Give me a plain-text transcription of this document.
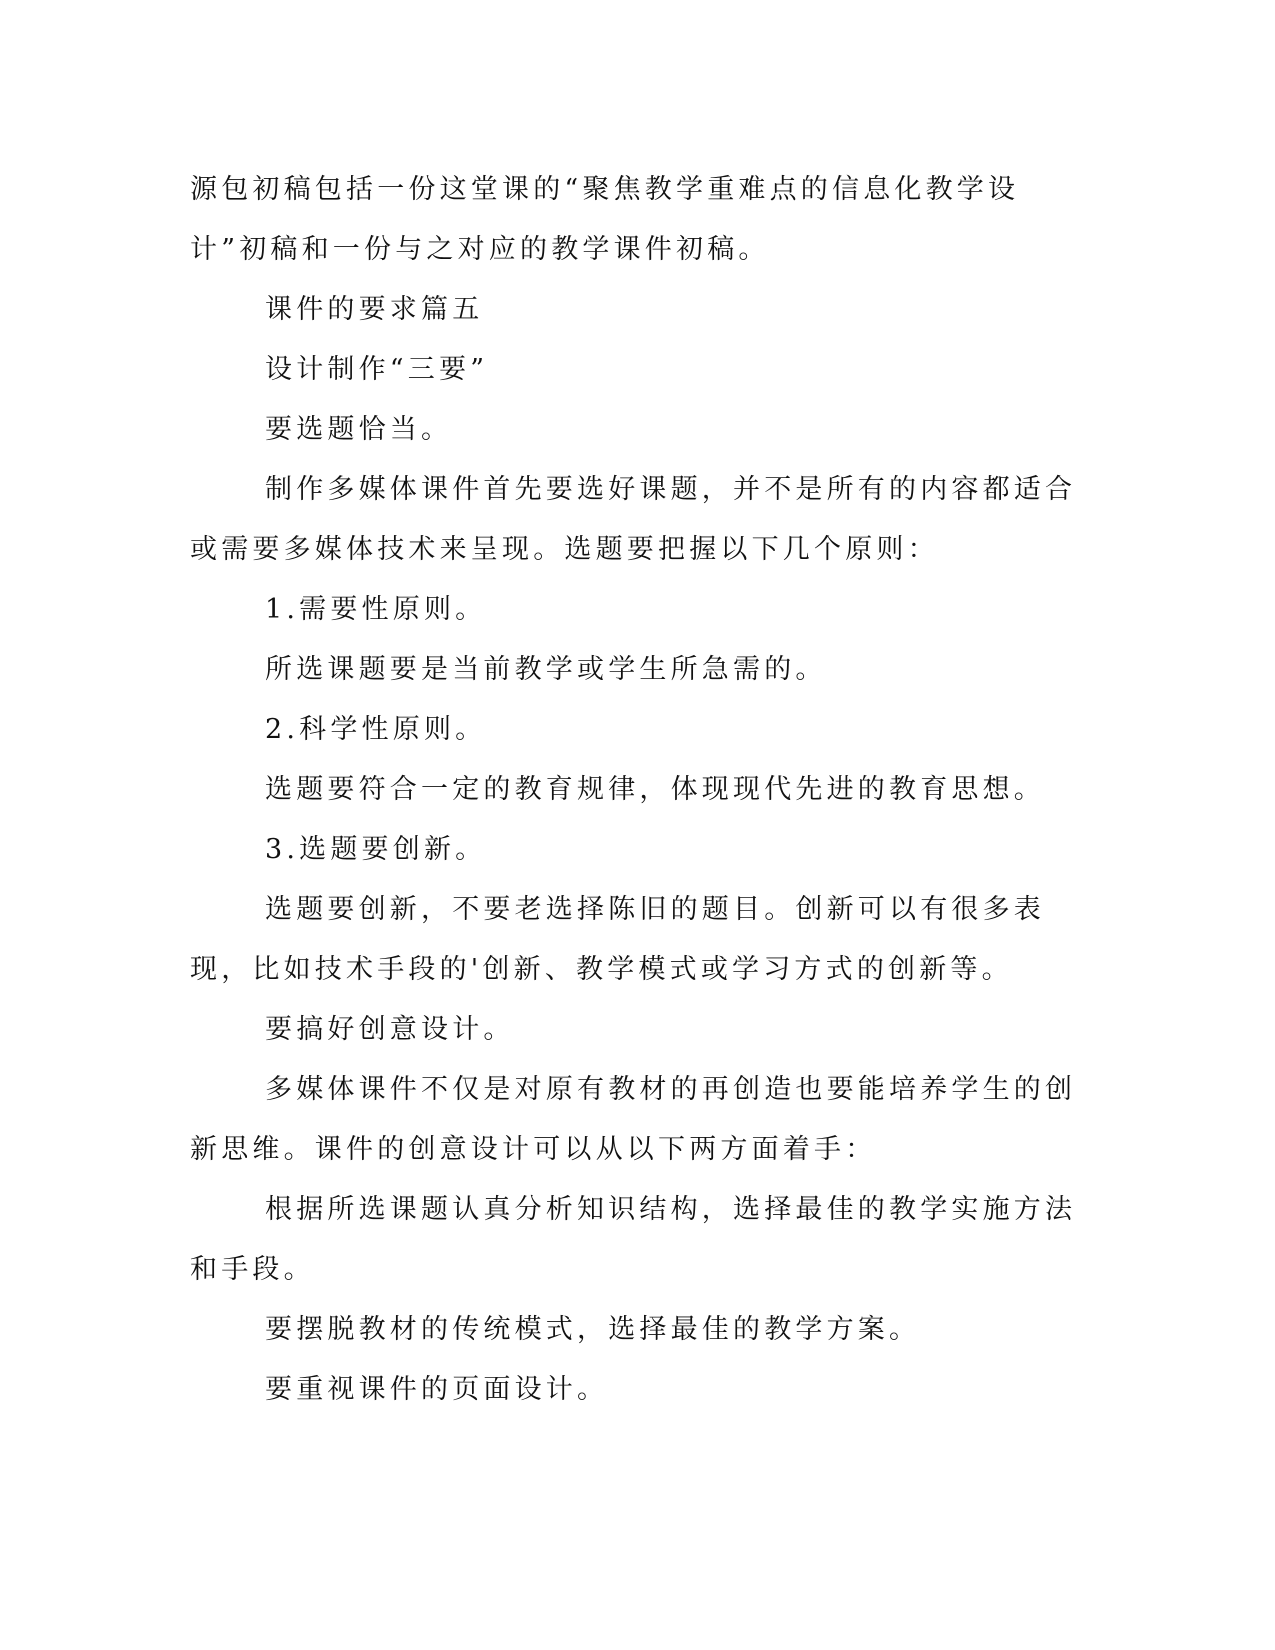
源包初稿包括一份这堂课的“聚焦教学重难点的信息化教学设计”初稿和一份与之对应的教学课件初稿。

课件的要求篇五

设计制作“三要”

要选题恰当。

制作多媒体课件首先要选好课题，并不是所有的内容都适合或需要多媒体技术来呈现。选题要把握以下几个原则：

1.需要性原则。

所选课题要是当前教学或学生所急需的。

2.科学性原则。

选题要符合一定的教育规律，体现现代先进的教育思想。

3.选题要创新。

选题要创新，不要老选择陈旧的题目。创新可以有很多表现，比如技术手段的'创新、教学模式或学习方式的创新等。

要搞好创意设计。

多媒体课件不仅是对原有教材的再创造也要能培养学生的创新思维。课件的创意设计可以从以下两方面着手：

根据所选课题认真分析知识结构，选择最佳的教学实施方法和手段。

要摆脱教材的传统模式，选择最佳的教学方案。

要重视课件的页面设计。
